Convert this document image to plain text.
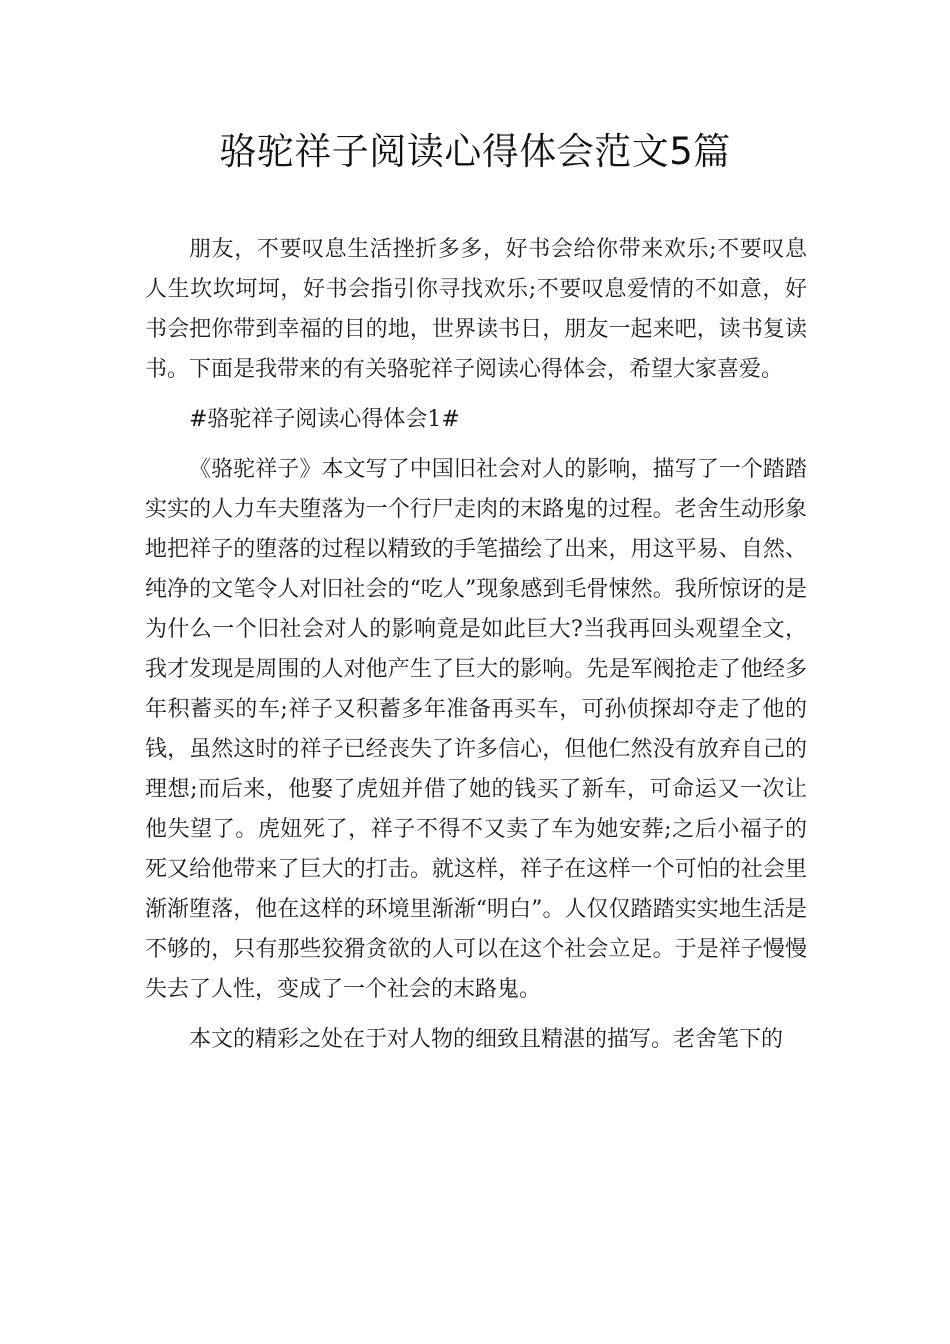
骆驼祥子阅读心得体会范文5篇

朋友，不要叹息生活挫折多多，好书会给你带来欢乐;不要叹息人生坎坎坷坷，好书会指引你寻找欢乐;不要叹息爱情的不如意，好书会把你带到幸福的目的地，世界读书日，朋友一起来吧，读书复读书。下面是我带来的有关骆驼祥子阅读心得体会，希望大家喜爱。

#骆驼祥子阅读心得体会1#

《骆驼祥子》本文写了中国旧社会对人的影响，描写了一个踏踏实实的人力车夫堕落为一个行尸走肉的末路鬼的过程。老舍生动形象地把祥子的堕落的过程以精致的手笔描绘了出来，用这平易、自然、纯净的文笔令人对旧社会的“吃人”现象感到毛骨悚然。我所惊讶的是为什么一个旧社会对人的影响竟是如此巨大?当我再回头观望全文，我才发现是周围的人对他产生了巨大的影响。先是军阀抢走了他经多年积蓄买的车;祥子又积蓄多年准备再买车，可孙侦探却夺走了他的钱，虽然这时的祥子已经丧失了许多信心，但他仁然没有放弃自己的理想;而后来，他娶了虎妞并借了她的钱买了新车，可命运又一次让他失望了。虎妞死了，祥子不得不又卖了车为她安葬;之后小福子的死又给他带来了巨大的打击。就这样，祥子在这样一个可怕的社会里渐渐堕落，他在这样的环境里渐渐“明白”。人仅仅踏踏实实地生活是不够的，只有那些狡猾贪欲的人可以在这个社会立足。于是祥子慢慢失去了人性，变成了一个社会的末路鬼。

本文的精彩之处在于对人物的细致且精湛的描写。老舍笔下的
